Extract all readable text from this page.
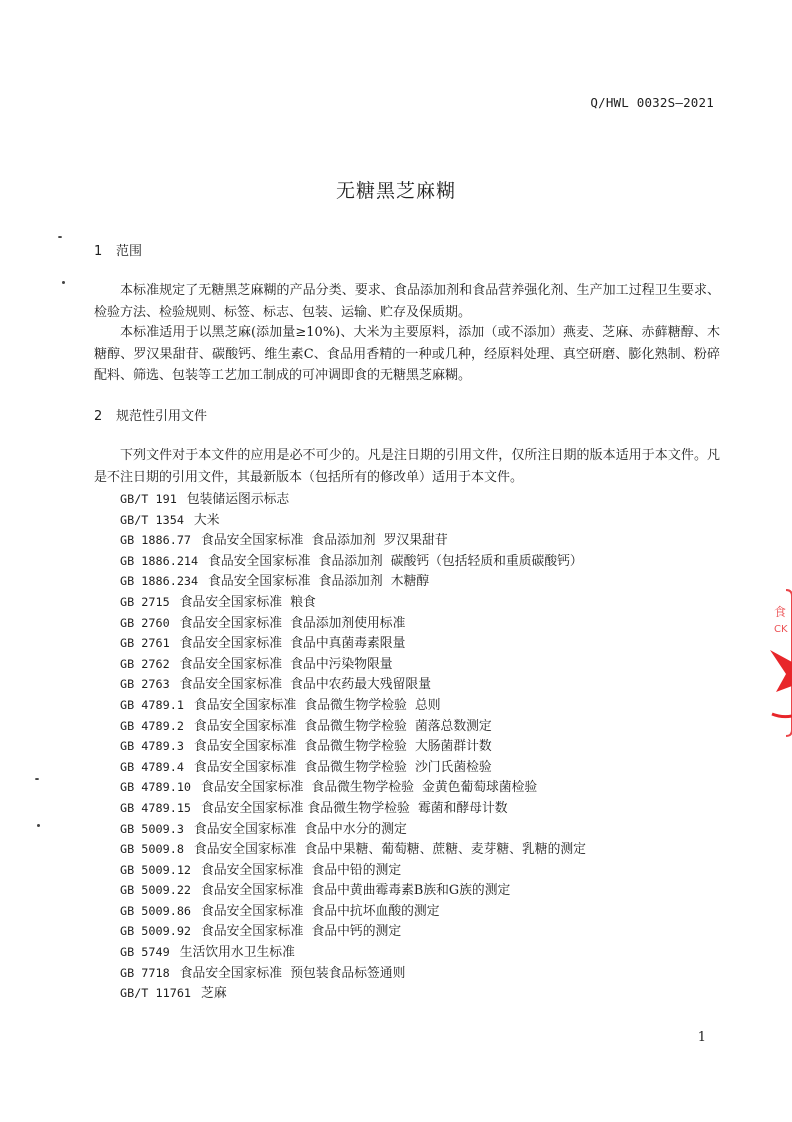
Q/HWL 0032S—2021
无糖黑芝麻糊
1 范围

本标准规定了无糖黑芝麻糊的产品分类、要求、食品添加剂和食品营养强化剂、生产加工过程卫生要求、检验方法、检验规则、标签、标志、包装、运输、贮存及保质期。

本标准适用于以黑芝麻(添加量≥10%)、大米为主要原料，添加（或不添加）燕麦、芝麻、赤藓糖醇、木糖醇、罗汉果甜苷、碳酸钙、维生素C、食品用香精的一种或几种，经原料处理、真空研磨、膨化熟制、粉碎配料、筛选、包装等工艺加工制成的可冲调即食的无糖黑芝麻糊。

2 规范性引用文件

下列文件对于本文件的应用是必不可少的。凡是注日期的引用文件，仅所注日期的版本适用于本文件。凡是不注日期的引用文件，其最新版本（包括所有的修改单）适用于本文件。

GB/T 191 包装储运图示标志
GB/T 1354 大米
GB 1886.77 食品安全国家标准  食品添加剂  罗汉果甜苷
GB 1886.214 食品安全国家标准  食品添加剂  碳酸钙（包括轻质和重质碳酸钙）
GB 1886.234 食品安全国家标准  食品添加剂  木糖醇
GB 2715 食品安全国家标准  粮食
GB 2760 食品安全国家标准  食品添加剂使用标准
GB 2761 食品安全国家标准  食品中真菌毒素限量
GB 2762 食品安全国家标准  食品中污染物限量
GB 2763 食品安全国家标准  食品中农药最大残留限量
GB 4789.1 食品安全国家标准  食品微生物学检验  总则
GB 4789.2 食品安全国家标准  食品微生物学检验  菌落总数测定
GB 4789.3 食品安全国家标准  食品微生物学检验  大肠菌群计数
GB 4789.4 食品安全国家标准  食品微生物学检验  沙门氏菌检验
GB 4789.10 食品安全国家标准  食品微生物学检验  金黄色葡萄球菌检验
GB 4789.15 食品安全国家标准 食品微生物学检验  霉菌和酵母计数
GB 5009.3 食品安全国家标准  食品中水分的测定
GB 5009.8 食品安全国家标准  食品中果糖、葡萄糖、蔗糖、麦芽糖、乳糖的测定
GB 5009.12 食品安全国家标准  食品中铅的测定
GB 5009.22 食品安全国家标准  食品中黄曲霉毒素B族和G族的测定
GB 5009.86 食品安全国家标准  食品中抗坏血酸的测定
GB 5009.92 食品安全国家标准  食品中钙的测定
GB 5749 生活饮用水卫生标准
GB 7718 食品安全国家标准  预包装食品标签通则
GB/T 11761 芝麻
1
食
CK
